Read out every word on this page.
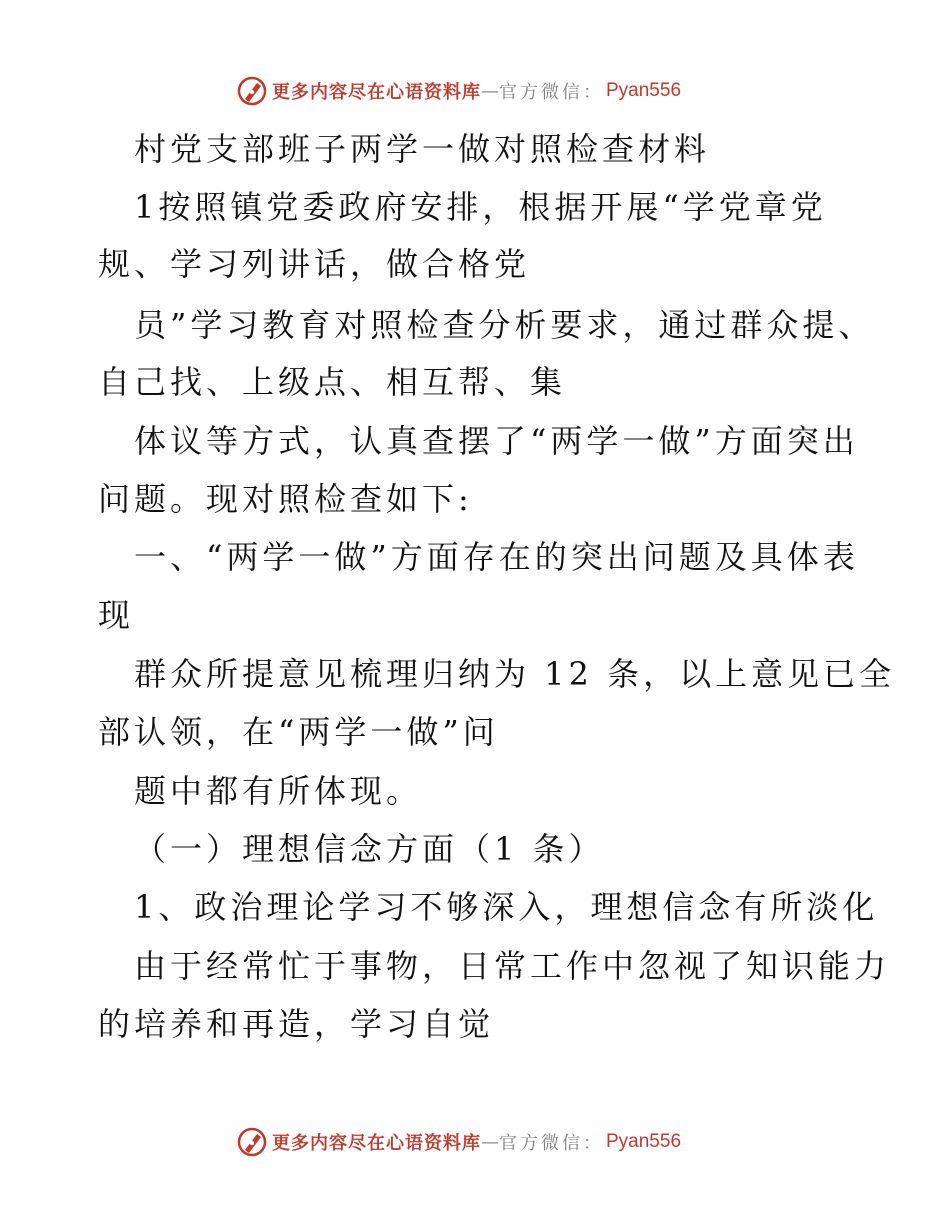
更多内容尽在心语资料库 — 官方微信： Pyan556
村党支部班子两学一做对照检查材料
1按照镇党委政府安排，根据开展“学党章党
规、学习列讲话，做合格党
员”学习教育对照检查分析要求，通过群众提、
自己找、上级点、相互帮、集
体议等方式，认真查摆了“两学一做”方面突出
问题。现对照检查如下:
一、“两学一做”方面存在的突出问题及具体表
现
群众所提意见梳理归纳为 12 条，以上意见已全
部认领，在“两学一做”问
题中都有所体现。
（一）理想信念方面（1 条）
1、政治理论学习不够深入，理想信念有所淡化
由于经常忙于事物，日常工作中忽视了知识能力
的培养和再造，学习自觉
更多内容尽在心语资料库 — 官方微信： Pyan556
